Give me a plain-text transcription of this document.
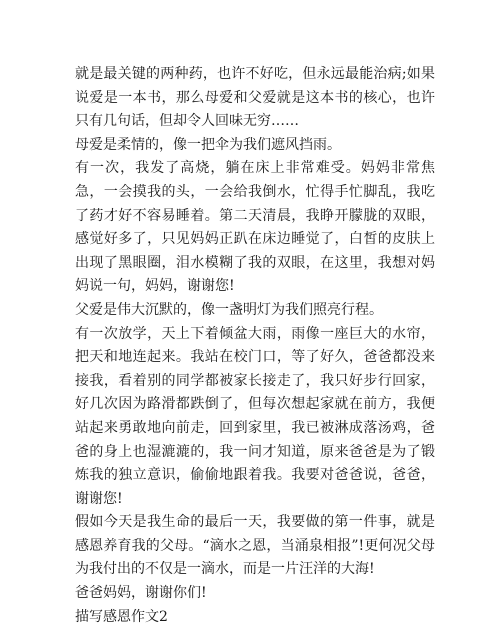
就是最关键的两种药，也许不好吃，但永远最能治病;如果说爱是一本书，那么母爱和父爱就是这本书的核心，也许只有几句话，但却令人回味无穷……

母爱是柔情的，像一把伞为我们遮风挡雨。

有一次，我发了高烧，躺在床上非常难受。妈妈非常焦急，一会摸我的头，一会给我倒水，忙得手忙脚乱，我吃了药才好不容易睡着。第二天清晨，我睁开朦胧的双眼，感觉好多了，只见妈妈正趴在床边睡觉了，白皙的皮肤上出现了黑眼圈，泪水模糊了我的双眼，在这里，我想对妈妈说一句，妈妈，谢谢您!

父爱是伟大沉默的，像一盏明灯为我们照亮行程。

有一次放学，天上下着倾盆大雨，雨像一座巨大的水帘，把天和地连起来。我站在校门口，等了好久，爸爸都没来接我，看着别的同学都被家长接走了，我只好步行回家，好几次因为路滑都跌倒了，但每次想起家就在前方，我便站起来勇敢地向前走，回到家里，我已被淋成落汤鸡，爸爸的身上也湿漉漉的，我一问才知道，原来爸爸是为了锻炼我的独立意识，偷偷地跟着我。我要对爸爸说，爸爸，谢谢您!

假如今天是我生命的最后一天，我要做的第一件事，就是感恩养育我的父母。“滴水之恩，当涌泉相报”!更何况父母为我付出的不仅是一滴水，而是一片汪洋的大海!

爸爸妈妈，谢谢你们!

描写感恩作文2
